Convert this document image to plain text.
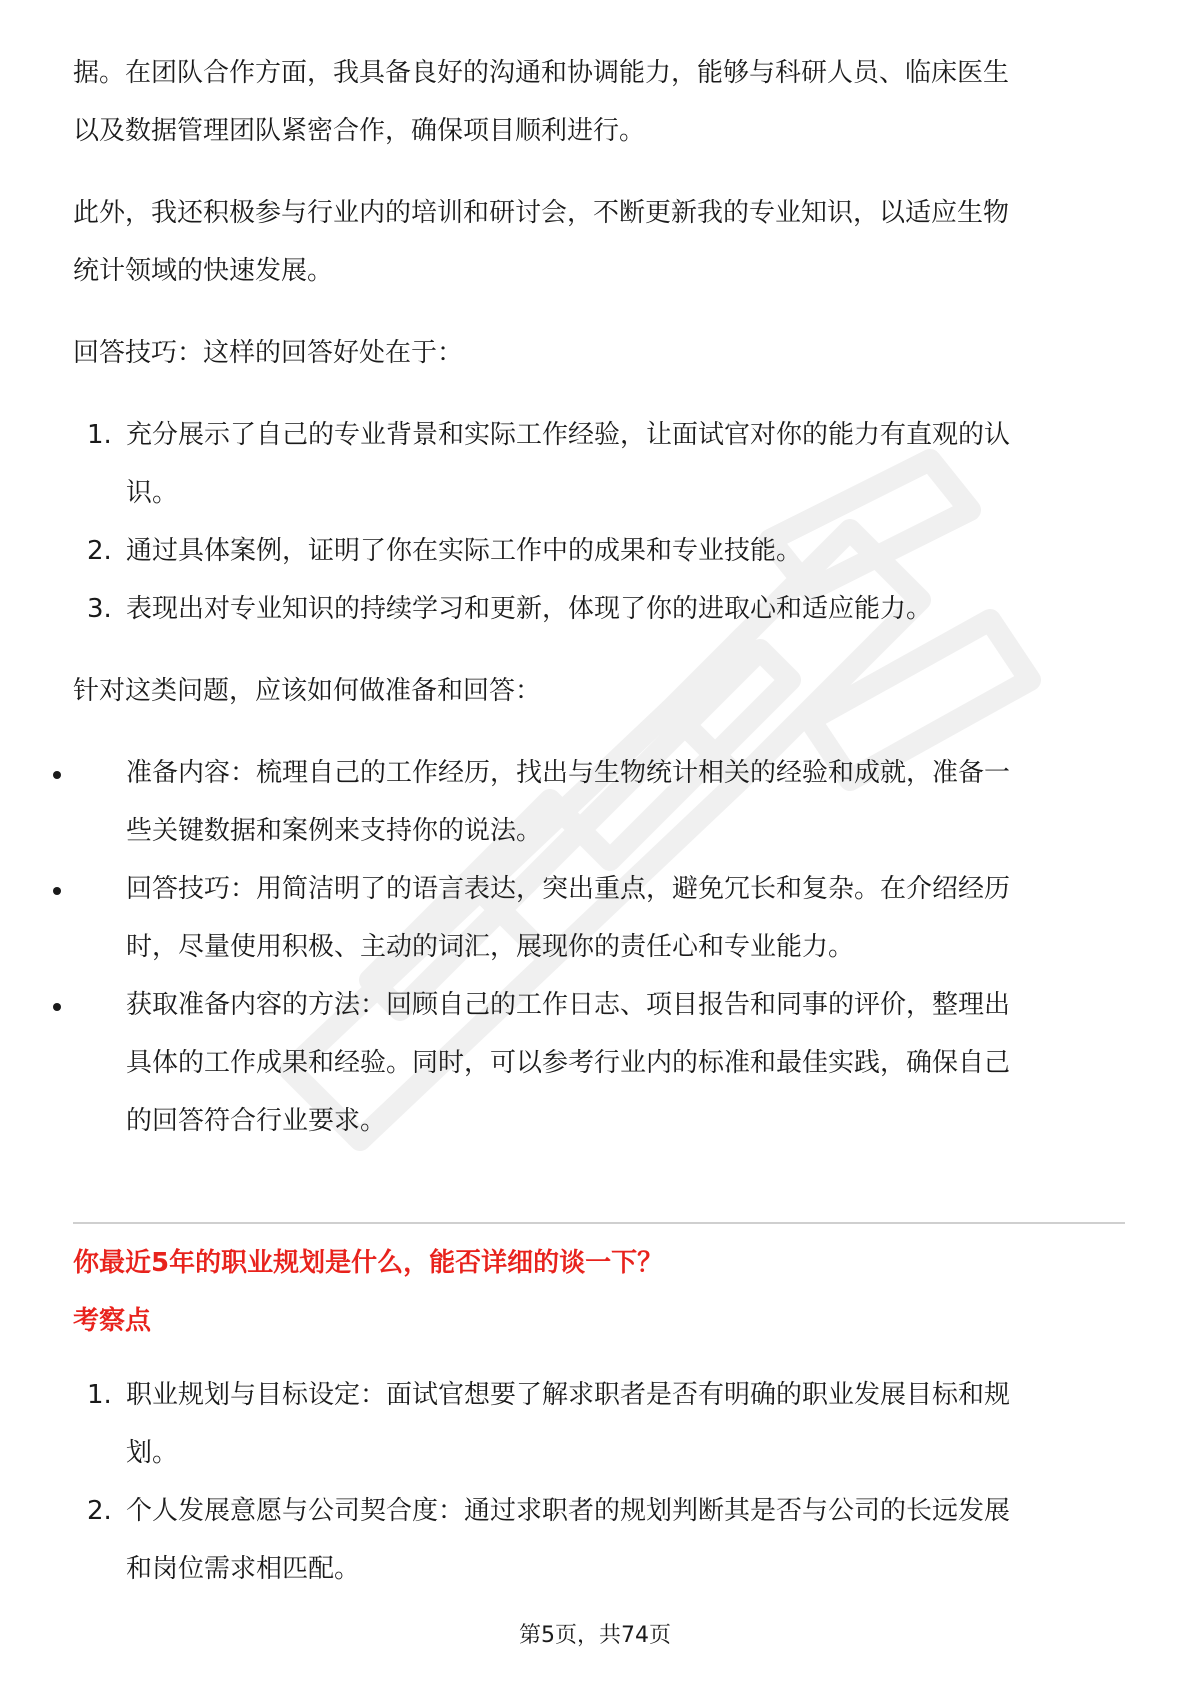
据。在团队合作方面，我具备良好的沟通和协调能力，能够与科研人员、临床医生

以及数据管理团队紧密合作，确保项目顺利进行。

此外，我还积极参与行业内的培训和研讨会，不断更新我的专业知识，以适应生物

统计领域的快速发展。

回答技巧：这样的回答好处在于：

1. 充分展示了自己的专业背景和实际工作经验，让面试官对你的能力有直观的认
识。
2. 通过具体案例，证明了你在实际工作中的成果和专业技能。
3. 表现出对专业知识的持续学习和更新，体现了你的进取心和适应能力。

针对这类问题，应该如何做准备和回答：

准备内容：梳理自己的工作经历，找出与生物统计相关的经验和成就，准备一
些关键数据和案例来支持你的说法。
回答技巧：用简洁明了的语言表达，突出重点，避免冗长和复杂。在介绍经历
时，尽量使用积极、主动的词汇，展现你的责任心和专业能力。
获取准备内容的方法：回顾自己的工作日志、项目报告和同事的评价，整理出
具体的工作成果和经验。同时，可以参考行业内的标准和最佳实践，确保自己
的回答符合行业要求。
你最近5年的职业规划是什么，能否详细的谈一下？
考察点
1. 职业规划与目标设定：面试官想要了解求职者是否有明确的职业发展目标和规
划。
2. 个人发展意愿与公司契合度：通过求职者的规划判断其是否与公司的长远发展
和岗位需求相匹配。
第5页，共74页
